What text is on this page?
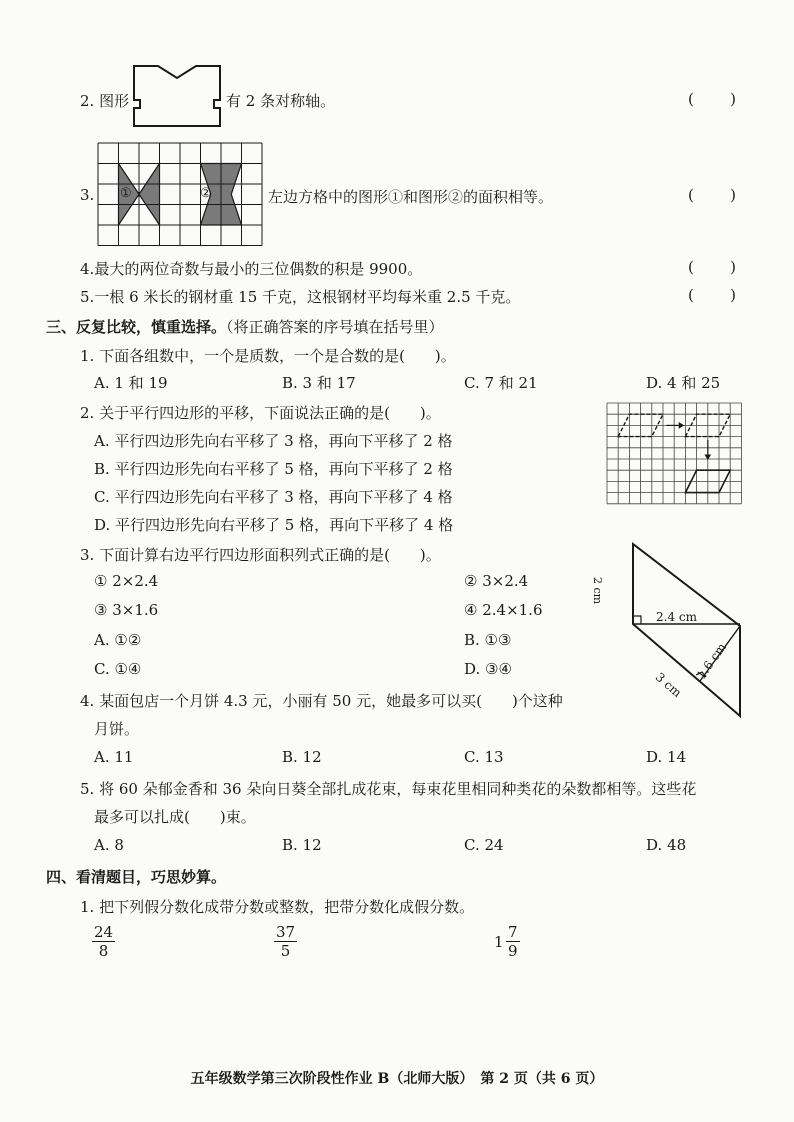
2. 图形	有 2 条对称轴。	( )
3. ①	②	左边方格中的图形①和图形②的面积相等。	( )
4.最大的两位奇数与最小的三位偶数的积是 9900。	( )
5.一根 6 米长的钢材重 15 千克，这根钢材平均每米重 2.5 千克。	( )
三、反复比较，慎重选择。（将正确答案的序号填在括号里）
1. 下面各组数中，一个是质数，一个是合数的是(　　)。
A. 1 和 19	B. 3 和 17	C. 7 和 21	D. 4 和 25
2. 关于平行四边形的平移，下面说法正确的是(　　)。
A. 平行四边形先向右平移了 3 格，再向下平移了 2 格
B. 平行四边形先向右平移了 5 格，再向下平移了 2 格
C. 平行四边形先向右平移了 3 格，再向下平移了 4 格
D. 平行四边形先向右平移了 5 格，再向下平移了 4 格
3. 下面计算右边平行四边形面积列式正确的是(　　)。
① 2×2.4	② 3×2.4
③ 3×1.6	④ 2.4×1.6
A. ①②	B. ①③
C. ①④	D. ③④
2 cm
2.4 cm
1.6 cm
3 cm
4. 某面包店一个月饼 4.3 元，小丽有 50 元，她最多可以买(　　)个这种
月饼。
A. 11	B. 12	C. 13	D. 14
5. 将 60 朵郁金香和 36 朵向日葵全部扎成花束，每束花里相同种类花的朵数都相等。这些花
最多可以扎成(　　)束。
A. 8	B. 12	C. 24	D. 48
四、看清题目，巧思妙算。
1. 把下列假分数化成带分数或整数，把带分数化成假分数。
$\frac{24}{8}$	$\frac{37}{5}$	$1 \frac{7}{9}$
五年级数学第三次阶段性作业 B（北师大版）　第 2 页（共 6 页）
